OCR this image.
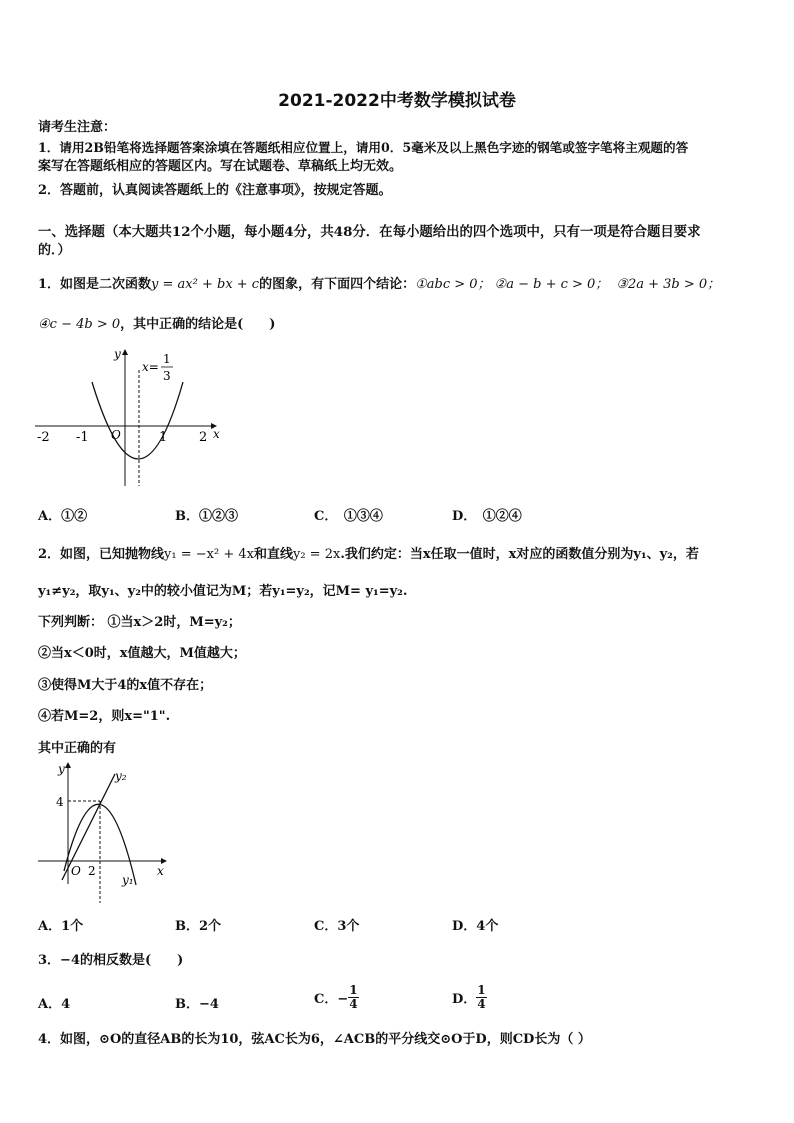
2021-2022中考数学模拟试卷
请考生注意：
1．请用2B铅笔将选择题答案涂填在答题纸相应位置上，请用0．5毫米及以上黑色字迹的钢笔或签字笔将主观题的答
案写在答题纸相应的答题区内。写在试题卷、草稿纸上均无效。
2．答题前，认真阅读答题纸上的《注意事项》，按规定答题。
一、选择题（本大题共12个小题，每小题4分，共48分．在每小题给出的四个选项中，只有一项是符合题目要求
的．）
1．如图是二次函数y = ax² + bx + c的图象，有下面四个结论：①abc > 0； ②a − b + c > 0； ③2a + 3b > 0；
④c − 4b > 0，其中正确的结论是(　　)
y
x
x=
1
3
-2 -1 O	1 2
A．①②	B．①②③	C．　①③④	D．　①②④
2．如图，已知抛物线y₁ = −x² + 4x和直线y₂ = 2x.我们约定：当x任取一值时，x对应的函数值分别为y₁、y₂，若
y₁≠y₂，取y₁、y₂中的较小值记为M；若y₁=y₂，记M= y₁=y₂.
下列判断： ①当x＞2时，M=y₂；
②当x＜0时，x值越大，M值越大；
③使得M大于4的x值不存在；
④若M=2，则x="1".
其中正确的有
y
x
y₂
y₁
4
2
O
A．1个	B．2个	C．3个	D．4个
3．−4的相反数是(　　)
A．4	B．−4	C．− $\frac{1}{4}$	D． $\frac{1}{4}$
4．如图，⊙O的直径AB的长为10，弦AC长为6，∠ACB的平分线交⊙O于D，则CD长为（ ）
